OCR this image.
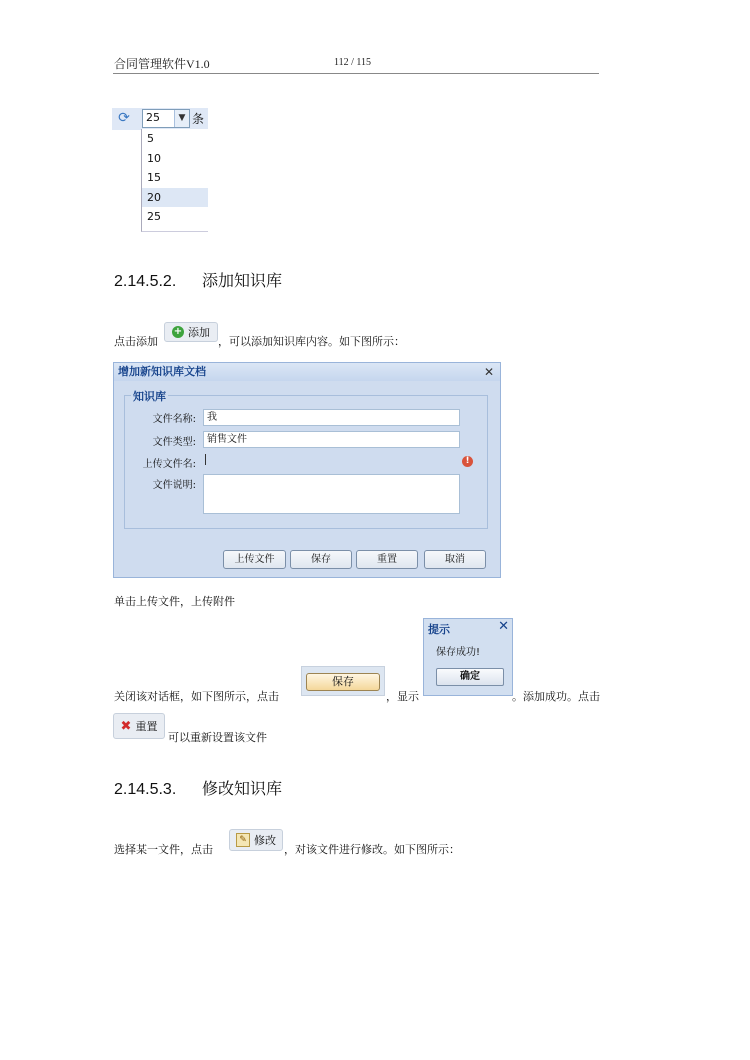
合同管理软件V1.0	112 / 115
⟳ 25	▼ 条
5
10
15
20
25
2.14.5.2. 添加知识库
点击添加
+ 添加
，可以添加知识库内容。如下图所示：
增加新知识库文档	✕
知识库
文件名称:	我
文件类型:	销售文件
上传文件名:	!
文件说明:
上传文件	保存	重置	取消
单击上传文件，上传附件
提示	✕
保存成功!
确定
关闭该对话框，如下图所示，点击
保存
，显示	。添加成功。点击
✖ 重置
可以重新设置该文件
2.14.5.3. 修改知识库
选择某一文件，点击
✎ 修改
，对该文件进行修改。如下图所示：
